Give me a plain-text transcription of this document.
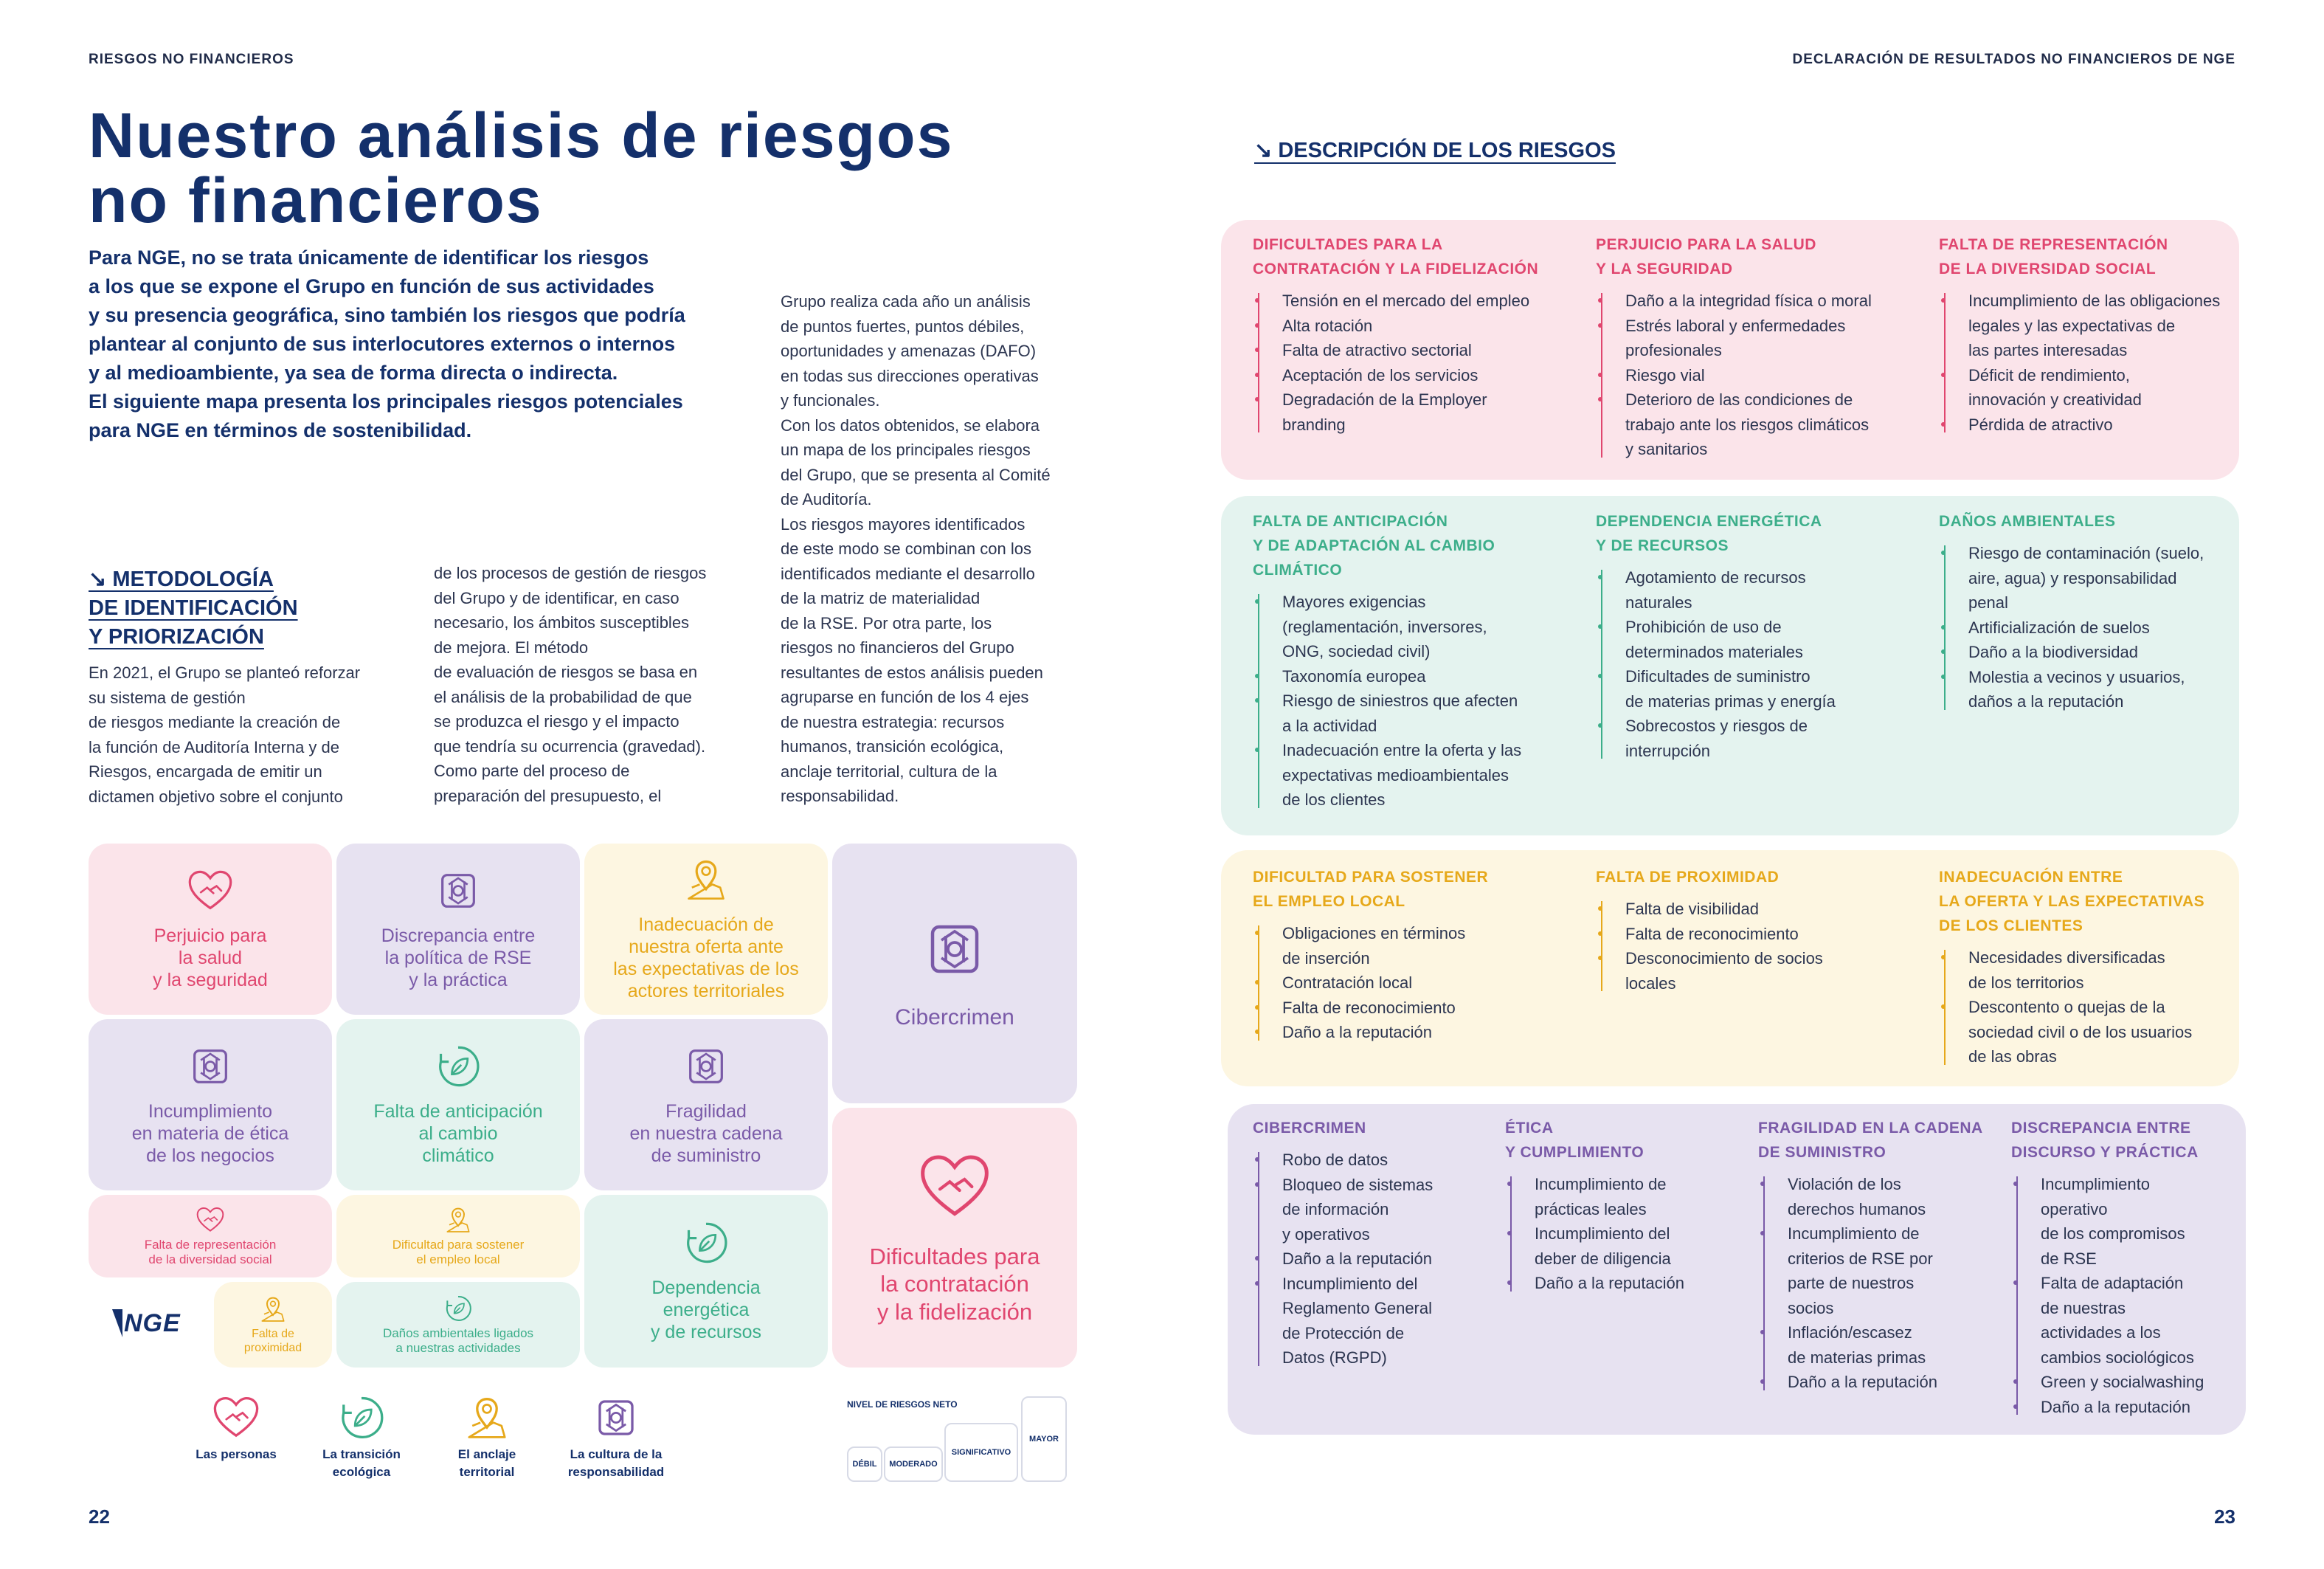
RIESGOS NO FINANCIEROS	DECLARACIÓN DE RESULTADOS NO FINANCIEROS DE NGE
Nuestro análisis de riesgos
no financieros
Para NGE, no se trata únicamente de identificar los riesgos
a los que se expone el Grupo en función de sus actividades
y su presencia geográfica, sino también los riesgos que podría
plantear al conjunto de sus interlocutores externos o internos
y al medioambiente, ya sea de forma directa o indirecta.
El siguiente mapa presenta los principales riesgos potenciales
para NGE en términos de sostenibilidad.
↘ METODOLOGÍA
DE IDENTIFICACIÓN
Y PRIORIZACIÓN
En 2021, el Grupo se planteó reforzar
su sistema de gestión
de riesgos mediante la creación de
la función de Auditoría Interna y de
Riesgos, encargada de emitir un
dictamen objetivo sobre el conjunto
de los procesos de gestión de riesgos
del Grupo y de identificar, en caso
necesario, los ámbitos susceptibles
de mejora. El método
de evaluación de riesgos se basa en
el análisis de la probabilidad de que
se produzca el riesgo y el impacto
que tendría su ocurrencia (gravedad).
Como parte del proceso de
preparación del presupuesto, el
Grupo realiza cada año un análisis
de puntos fuertes, puntos débiles,
oportunidades y amenazas (DAFO)
en todas sus direcciones operativas
y funcionales.
Con los datos obtenidos, se elabora
un mapa de los principales riesgos
del Grupo, que se presenta al Comité
de Auditoría.
Los riesgos mayores identificados
de este modo se combinan con los
identificados mediante el desarrollo
de la matriz de materialidad
de la RSE. Por otra parte, los
riesgos no financieros del Grupo
resultantes de estos análisis pueden
agruparse en función de los 4 ejes
de nuestra estrategia: recursos
humanos, transición ecológica,
anclaje territorial, cultura de la
responsabilidad.
Perjuicio para
la salud
y la seguridad
Discrepancia entre
la política de RSE
y la práctica
Inadecuación de
nuestra oferta ante
las expectativas de los
actores territoriales
Cibercrimen
Incumplimiento
en materia de ética
de los negocios
Falta de anticipación
al cambio
climático
Fragilidad
en nuestra cadena
de suministro
Dificultades para
la contratación
y la fidelización
Falta de representación
de la diversidad social
Dificultad para sostener
el empleo local
Dependencia
energética
y de recursos
NGE	Falta de
proximidad
Daños ambientales ligados
a nuestras actividades
Las personas	La transición
ecológica
El anclaje
territorial
La cultura de la
responsabilidad
NIVEL DE RIESGOS NETO
DÉBIL	MODERADO
SIGNIFICATIVO
MAYOR
22	23
↘ DESCRIPCIÓN DE LOS RIESGOS
DIFICULTADES PARA LA
CONTRATACIÓN Y LA FIDELIZACIÓN
Tensión en el mercado del empleo
Alta rotación
Falta de atractivo sectorial
Aceptación de los servicios
Degradación de la Employer
branding
PERJUICIO PARA LA SALUD
Y LA SEGURIDAD
Daño a la integridad física o moral
Estrés laboral y enfermedades
profesionales
Riesgo vial
Deterioro de las condiciones de
trabajo ante los riesgos climáticos
y sanitarios
FALTA DE REPRESENTACIÓN
DE LA DIVERSIDAD SOCIAL
Incumplimiento de las obligaciones
legales y las expectativas de
las partes interesadas
Déficit de rendimiento,
innovación y creatividad
Pérdida de atractivo
FALTA DE ANTICIPACIÓN
Y DE ADAPTACIÓN AL CAMBIO
CLIMÁTICO
Mayores exigencias
(reglamentación, inversores,
ONG, sociedad civil)
Taxonomía europea
Riesgo de siniestros que afecten
a la actividad
Inadecuación entre la oferta y las
expectativas medioambientales
de los clientes
DEPENDENCIA ENERGÉTICA
Y DE RECURSOS
Agotamiento de recursos
naturales
Prohibición de uso de
determinados materiales
Dificultades de suministro
de materias primas y energía
Sobrecostos y riesgos de
interrupción
DAÑOS AMBIENTALES
Riesgo de contaminación (suelo,
aire, agua) y responsabilidad
penal
Artificialización de suelos
Daño a la biodiversidad
Molestia a vecinos y usuarios,
daños a la reputación
DIFICULTAD PARA SOSTENER
EL EMPLEO LOCAL
Obligaciones en términos
de inserción
Contratación local
Falta de reconocimiento
Daño a la reputación
FALTA DE PROXIMIDAD
Falta de visibilidad
Falta de reconocimiento
Desconocimiento de socios
locales
INADECUACIÓN ENTRE
LA OFERTA Y LAS EXPECTATIVAS
DE LOS CLIENTES
Necesidades diversificadas
de los territorios
Descontento o quejas de la
sociedad civil o de los usuarios
de las obras
CIBERCRIMEN
Robo de datos
Bloqueo de sistemas
de información
y operativos
Daño a la reputación
Incumplimiento del
Reglamento General
de Protección de
Datos (RGPD)
ÉTICA
Y CUMPLIMIENTO
Incumplimiento de
prácticas leales
Incumplimiento del
deber de diligencia
Daño a la reputación
FRAGILIDAD EN LA CADENA
DE SUMINISTRO
Violación de los
derechos humanos
Incumplimiento de
criterios de RSE por
parte de nuestros
socios
Inflación/escasez
de materias primas
Daño a la reputación
DISCREPANCIA ENTRE
DISCURSO Y PRÁCTICA
Incumplimiento
operativo
de los compromisos
de RSE
Falta de adaptación
de nuestras
actividades a los
cambios sociológicos
Green y socialwashing
Daño a la reputación
